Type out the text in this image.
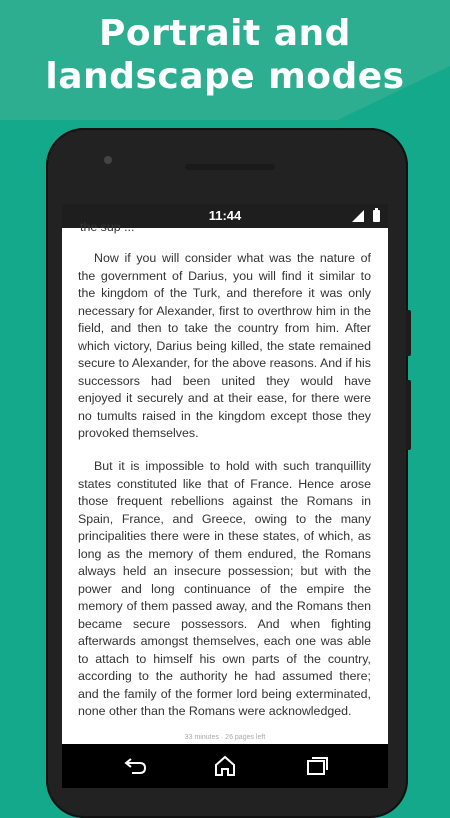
Portrait and
landscape modes
11:44
the sup ...

Now if you will consider what was the nature of the government of Darius, you will find it similar to the kingdom of the Turk, and therefore it was only necessary for Alexander, first to overthrow him in the field, and then to take the country from him. After which victory, Darius being killed, the state remained secure to Alexander, for the above reasons. And if his successors had been united they would have enjoyed it securely and at their ease, for there were no tumults raised in the kingdom except those they provoked themselves.

But it is impossible to hold with such tranquillity states constituted like that of France. Hence arose those frequent rebellions against the Romans in Spain, France, and Greece, owing to the many principalities there were in these states, of which, as long as the memory of them endured, the Romans always held an insecure possession; but with the power and long continuance of the empire the memory of them passed away, and the Romans then became secure possessors. And when fighting afterwards amongst themselves, each one was able to attach to himself his own parts of the country, according to the authority he had assumed there; and the family of the former lord being exterminated, none other than the Romans were acknowledged.

33 minutes · 26 pages left
